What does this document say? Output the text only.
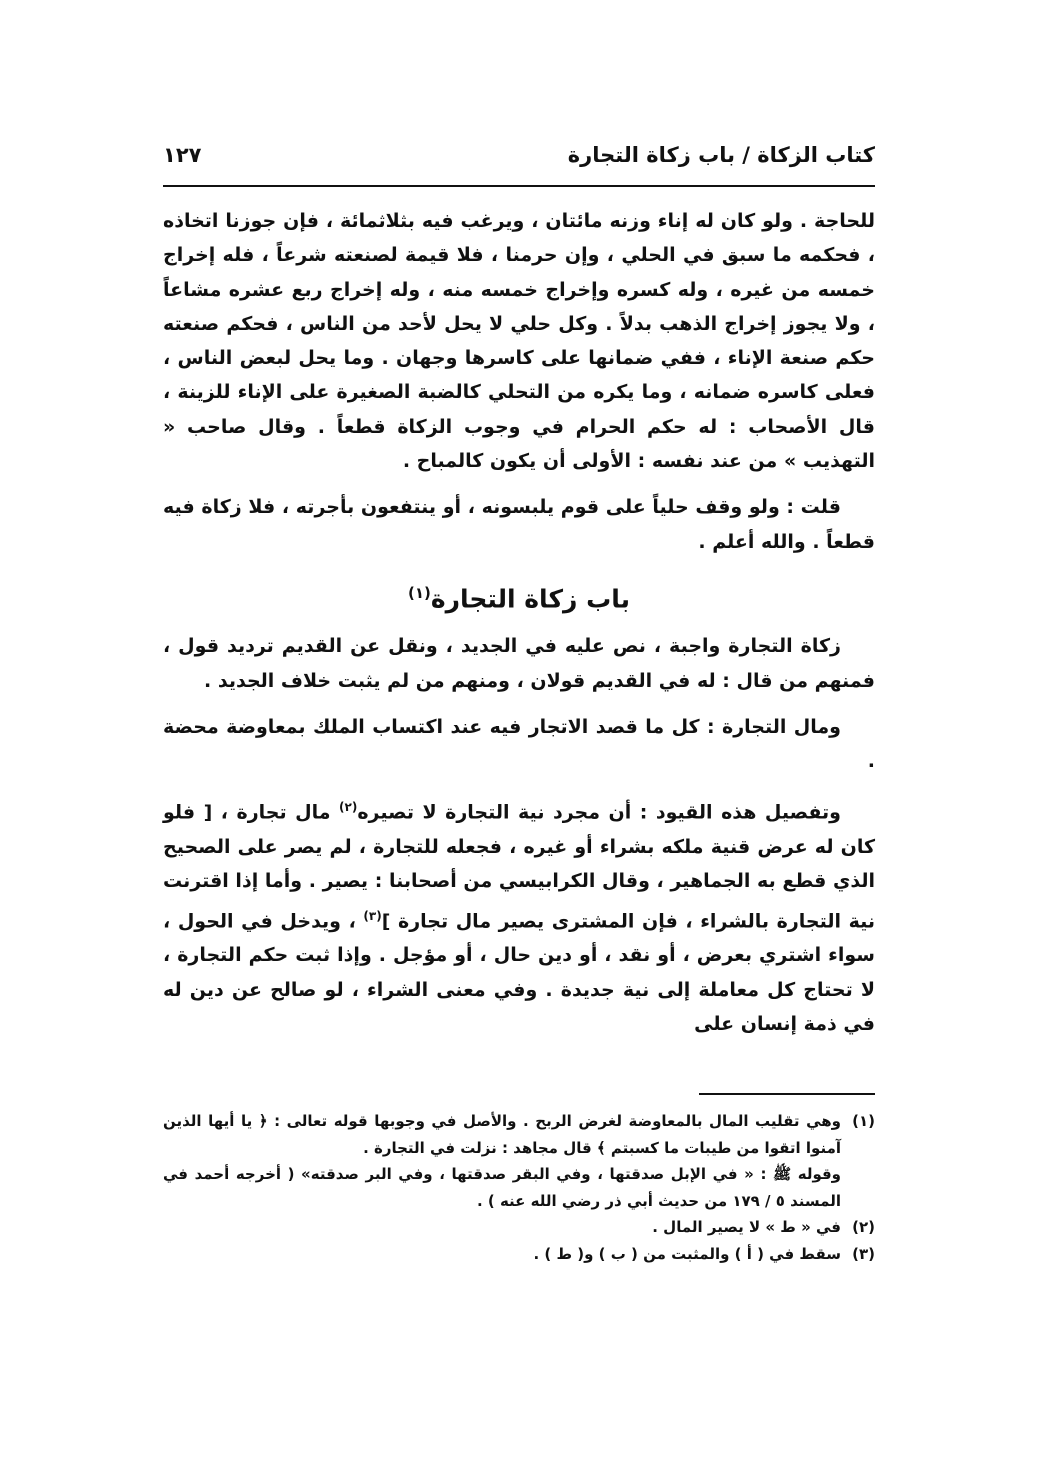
كتاب الزكاة / باب زكاة التجارة
١٢٧

للحاجة . ولو كان له إناء وزنه مائتان ، ويرغب فيه بثلاثمائة ، فإن جوزنا اتخاذه ، فحكمه ما سبق في الحلي ، وإن حرمنا ، فلا قيمة لصنعته شرعاً ، فله إخراج خمسه من غيره ، وله كسره وإخراج خمسه منه ، وله إخراج ربع عشره مشاعاً ، ولا يجوز إخراج الذهب بدلاً . وكل حلي لا يحل لأحد من الناس ، فحكم صنعته حكم صنعة الإناء ، ففي ضمانها على كاسرها وجهان . وما يحل لبعض الناس ، فعلى كاسره ضمانه ، وما يكره من التحلي كالضبة الصغيرة على الإناء للزينة ، قال الأصحاب : له حكم الحرام في وجوب الزكاة قطعاً . وقال صاحب « التهذيب » من عند نفسه : الأولى أن يكون كالمباح .

قلت : ولو وقف حلياً على قوم يلبسونه ، أو ينتفعون بأجرته ، فلا زكاة فيه قطعاً . والله أعلم .

باب زكاة التجارة$^{(١)}$

زكاة التجارة واجبة ، نص عليه في الجديد ، ونقل عن القديم ترديد قول ، فمنهم من قال : له في القديم قولان ، ومنهم من لم يثبت خلاف الجديد .

ومال التجارة : كل ما قصد الاتجار فيه عند اكتساب الملك بمعاوضة محضة .

وتفصيل هذه القيود : أن مجرد نية التجارة لا تصيره$^{(٢)}$ مال تجارة ، [ فلو كان له عرض قنية ملكه بشراء أو غيره ، فجعله للتجارة ، لم يصر على الصحيح الذي قطع به الجماهير ، وقال الكرابيسي من أصحابنا : يصير . وأما إذا اقترنت نية التجارة بالشراء ، فإن المشترى يصير مال تجارة ]$^{(٣)}$ ، ويدخل في الحول ، سواء اشتري بعرض ، أو نقد ، أو دين حال ، أو مؤجل . وإذا ثبت حكم التجارة ، لا تحتاج كل معاملة إلى نية جديدة . وفي معنى الشراء ، لو صالح عن دين له في ذمة إنسان على

(١)
وهي تقليب المال بالمعاوضة لغرض الربح . والأصل في وجوبها قوله تعالى : ﴿ يا أيها الذين آمنوا اتقوا من طيبات ما كسبتم ﴾ قال مجاهد : نزلت في التجارة .
وقوله ﷺ : « في الإبل صدقتها ، وفي البقر صدقتها ، وفي البر صدقته» ( أخرجه أحمد في المسند ٥ / ١٧٩ من حديث أبي ذر رضي الله عنه ) .
(٢)
في « ط » لا يصير المال .
(٣)
سقط في ( أ ) والمثبت من ( ب ) و( ط ) .
